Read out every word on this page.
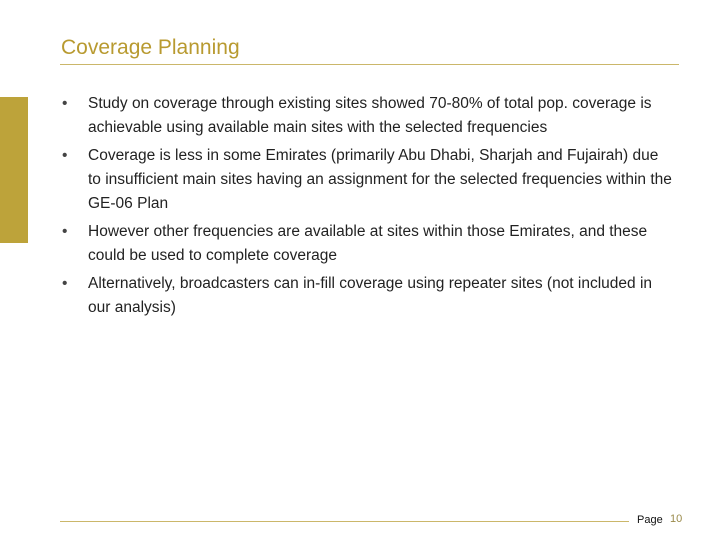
Coverage Planning
• Study on coverage through existing sites showed 70-80% of total pop. coverage is achievable using available main sites with the selected frequencies
• Coverage is less in some Emirates (primarily Abu Dhabi, Sharjah and Fujairah) due to insufficient main sites having an assignment for the selected frequencies within the GE-06 Plan
• However other frequencies are available at sites within those Emirates, and these could be used to complete coverage
• Alternatively, broadcasters can in-fill coverage using repeater sites (not included in our analysis)
Page 10
